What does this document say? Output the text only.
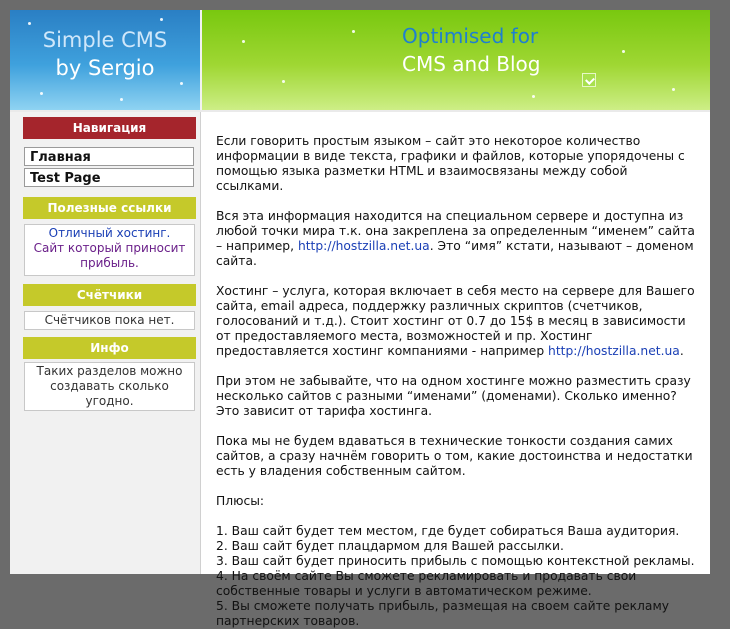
Simple CMS
by Sergio
Optimised for
CMS and Blog
Навигация
Главная
Test Page
Полезные ссылки
Отличный хостинг.
Сайт который приносит прибыль.
Счётчики
Счётчиков пока нет.
Инфо
Таких разделов можно создавать сколько угодно.

Если говорить простым языком – сайт это некоторое количество информации в виде текста, графики и файлов, которые упорядочены с помощью языка разметки HTML и взаимосвязаны между собой ссылками.

Вся эта информация находится на специальном сервере и доступна из любой точки мира т.к. она закреплена за определенным “именем” сайта – например, http://hostzilla.net.ua. Это “имя” кстати, называют – доменом сайта.

Хостинг – услуга, которая включает в себя место на сервере для Вашего сайта, email адреса, поддержку различных скриптов (счетчиков, голосований и т.д.). Стоит хостинг от 0.7 до 15$ в месяц в зависимости от предоставляемого места, возможностей и пр. Хостинг предоставляется хостинг компаниями - например http://hostzilla.net.ua.

При этом не забывайте, что на одном хостинге можно разместить сразу несколько сайтов с разными “именами” (доменами). Сколько именно? Это зависит от тарифа хостинга.

Пока мы не будем вдаваться в технические тонкости создания самих сайтов, а сразу начнём говорить о том, какие достоинства и недостатки есть у владения собственным сайтом.

Плюсы:

1. Ваш сайт будет тем местом, где будет собираться Ваша аудитория.
2. Ваш сайт будет плацдармом для Вашей рассылки.
3. Ваш сайт будет приносить прибыль с помощью контекстной рекламы.
4. На своём сайте Вы сможете рекламировать и продавать свои собственные товары и услуги в автоматическом режиме.
5. Вы сможете получать прибыль, размещая на своем сайте рекламу партнерских товаров.
